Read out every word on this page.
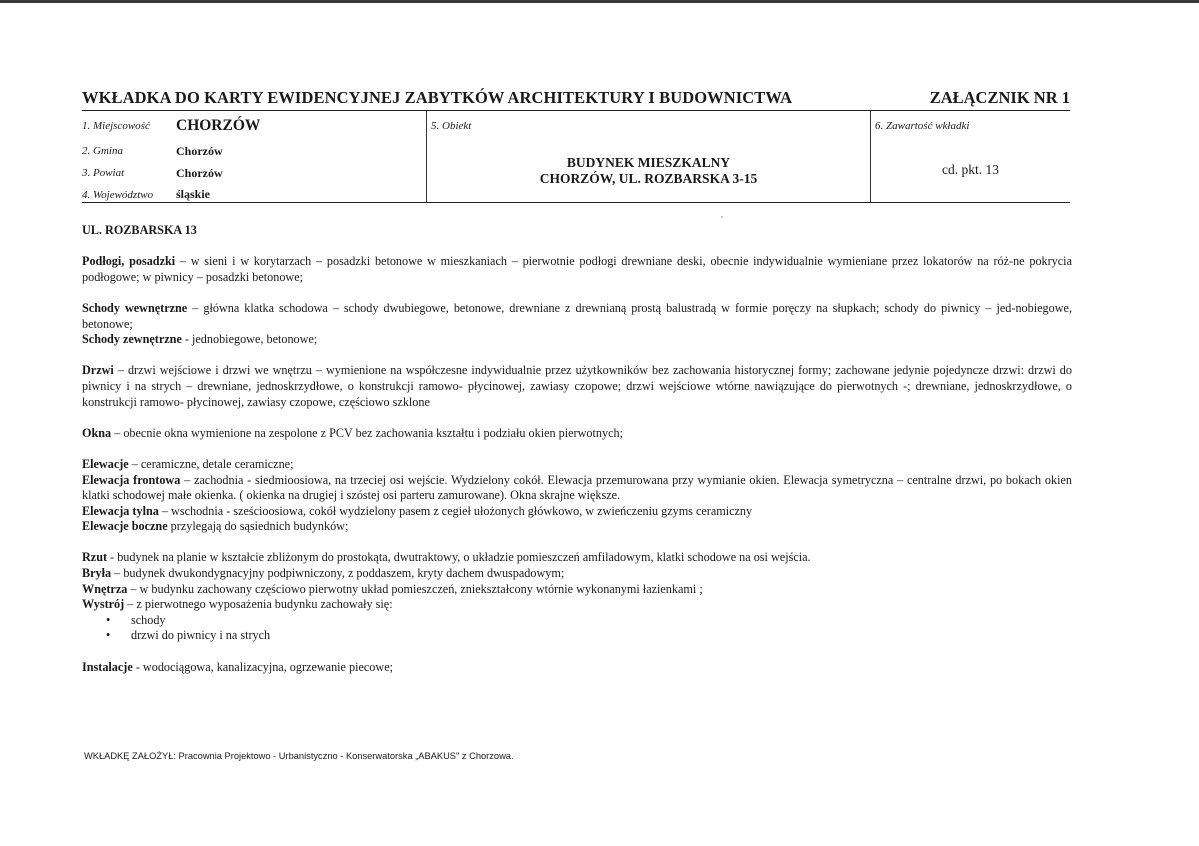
WKŁADKA DO KARTY EWIDENCYJNEJ ZABYTKÓW ARCHITEKTURY I BUDOWNICTWA	ZAŁĄCZNIK NR 1
1. Miejscowość CHORZÓW
2. Gmina	Chorzów
3. Powiat	Chorzów
4. Województwo śląskie
5. Obiekt
BUDYNEK MIESZKALNY
CHORZÓW, UL. ROZBARSKA 3-15
6. Zawartość wkładki
cd. pkt. 13

UL. ROZBARSKA 13

Podłogi, posadzki – w sieni i w korytarzach – posadzki betonowe w mieszkaniach – pierwotnie podłogi drewniane deski, obecnie indywidualnie wymieniane przez lokatorów na róż-ne pokrycia podłogowe; w piwnicy – posadzki betonowe;

Schody wewnętrzne – główna klatka schodowa – schody dwubiegowe, betonowe, drewniane z drewnianą prostą balustradą w formie poręczy na słupkach; schody do piwnicy – jed-nobiegowe, betonowe;

Schody zewnętrzne - jednobiegowe, betonowe;

Drzwi – drzwi wejściowe i drzwi we wnętrzu – wymienione na współczesne indywidualnie przez użytkowników bez zachowania historycznej formy; zachowane jedynie pojedyncze drzwi: drzwi do piwnicy i na strych – drewniane, jednoskrzydłowe, o konstrukcji ramowo- płycinowej, zawiasy czopowe; drzwi wejściowe wtórne nawiązujące do pierwotnych -; drewniane, jednoskrzydłowe, o konstrukcji ramowo- płycinowej, zawiasy czopowe, częściowo szklone

Okna – obecnie okna wymienione na zespolone z PCV bez zachowania kształtu i podziału okien pierwotnych;

Elewacje – ceramiczne, detale ceramiczne;

Elewacja frontowa – zachodnia - siedmioosiowa, na trzeciej osi wejście. Wydzielony cokół. Elewacja przemurowana przy wymianie okien. Elewacja symetryczna – centralne drzwi, po bokach okien klatki schodowej małe okienka. ( okienka na drugiej i szóstej osi parteru zamurowane). Okna skrajne większe.

Elewacja tylna – wschodnia - sześcioosiowa, cokół wydzielony pasem z cegieł ułożonych główkowo, w zwieńczeniu gzyms ceramiczny

Elewacje boczne przylegają do sąsiednich budynków;

Rzut - budynek na planie w kształcie zbliżonym do prostokąta, dwutraktowy, o układzie pomieszczeń amfiladowym, klatki schodowe na osi wejścia.

Bryła – budynek dwukondygnacyjny podpiwniczony, z poddaszem, kryty dachem dwuspadowym;

Wnętrza – w budynku zachowany częściowo pierwotny układ pomieszczeń, zniekształcony wtórnie wykonanymi łazienkami ;

Wystrój – z pierwotnego wyposażenia budynku zachowały się:

• schody
• drzwi do piwnicy i na strych

Instalacje - wodociągowa, kanalizacyjna, ogrzewanie piecowe;

WKŁADKĘ ZAŁOŻYŁ: Pracownia Projektowo - Urbanistyczno - Konserwatorska „ABAKUS" z Chorzowa.
